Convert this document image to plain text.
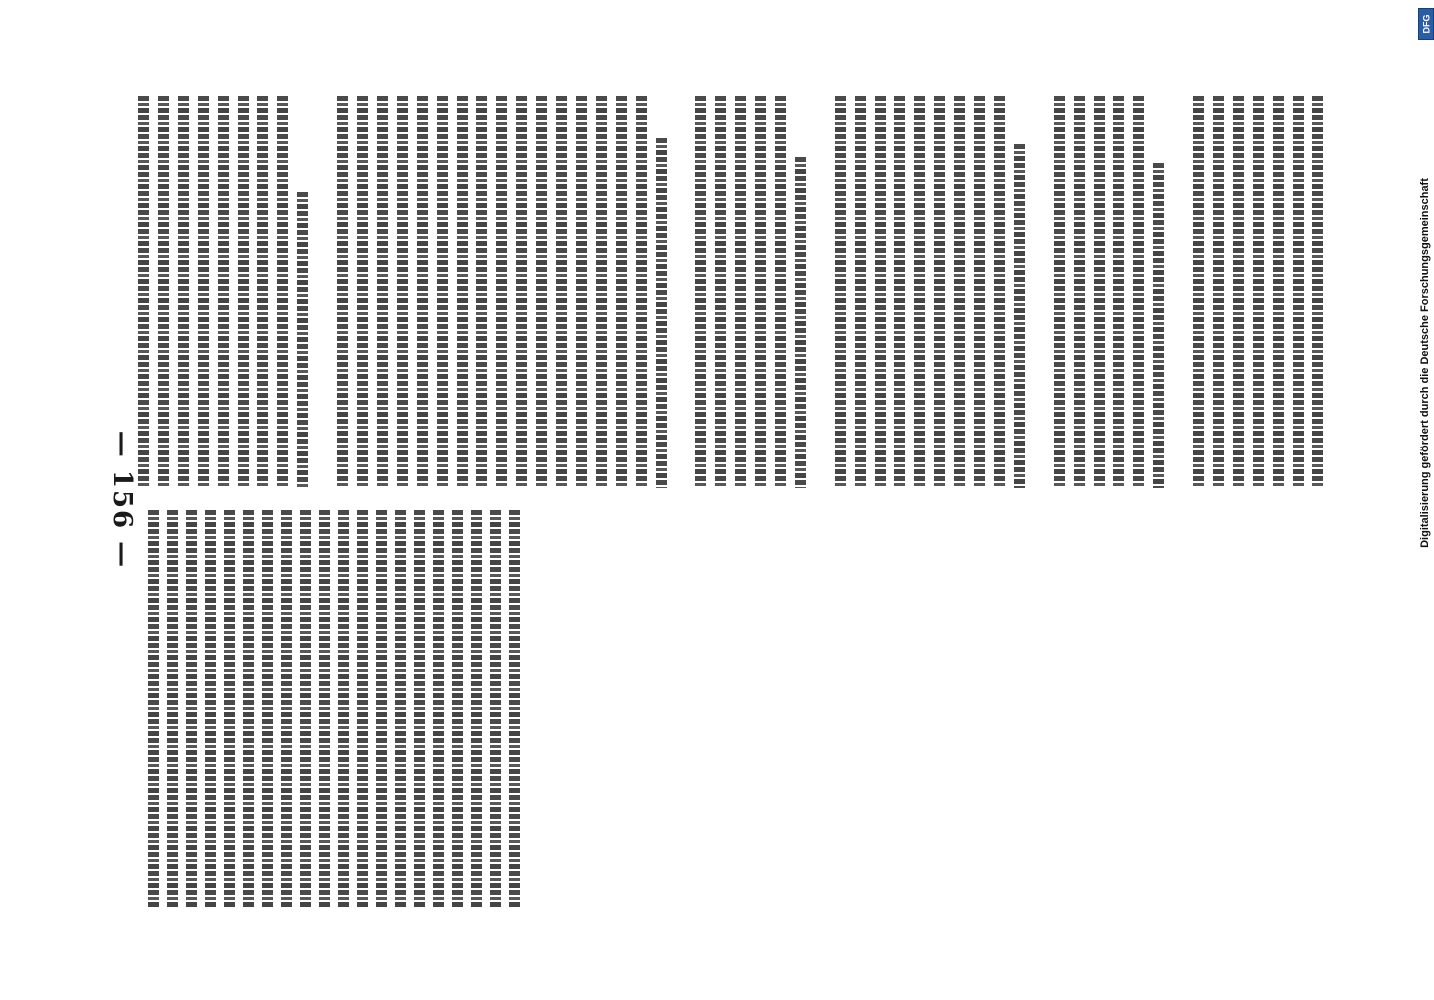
— 156 —
DFG
Digitalisierung gefördert durch die Deutsche Forschungsgemeinschaft
